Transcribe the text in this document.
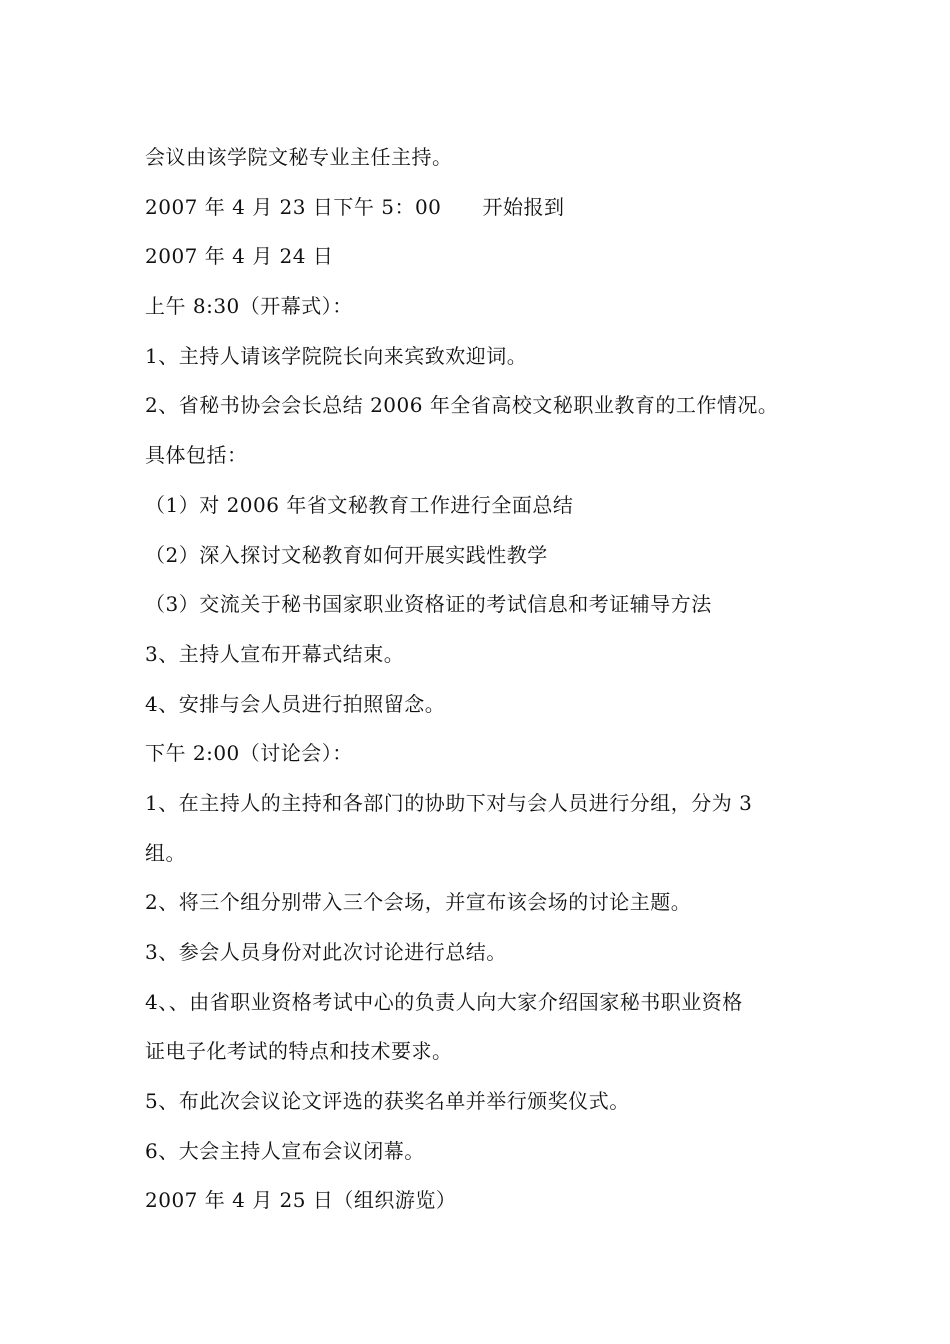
会议由该学院文秘专业主任主持。
2007 年 4 月 23 日下午 5：00      开始报到
2007 年 4 月 24 日
上午 8:30（开幕式）：
1、主持人请该学院院长向来宾致欢迎词。
2、省秘书协会会长总结 2006 年全省高校文秘职业教育的工作情况。
具体包括：
（1）对 2006 年省文秘教育工作进行全面总结
（2）深入探讨文秘教育如何开展实践性教学
（3）交流关于秘书国家职业资格证的考试信息和考证辅导方法
3、主持人宣布开幕式结束。
4、安排与会人员进行拍照留念。
下午 2:00（讨论会）：
1、在主持人的主持和各部门的协助下对与会人员进行分组，分为 3
组。
2、将三个组分别带入三个会场，并宣布该会场的讨论主题。
3、参会人员身份对此次讨论进行总结。
4、、由省职业资格考试中心的负责人向大家介绍国家秘书职业资格
证电子化考试的特点和技术要求。
5、布此次会议论文评选的获奖名单并举行颁奖仪式。
6、大会主持人宣布会议闭幕。
2007 年 4 月 25 日（组织游览）
